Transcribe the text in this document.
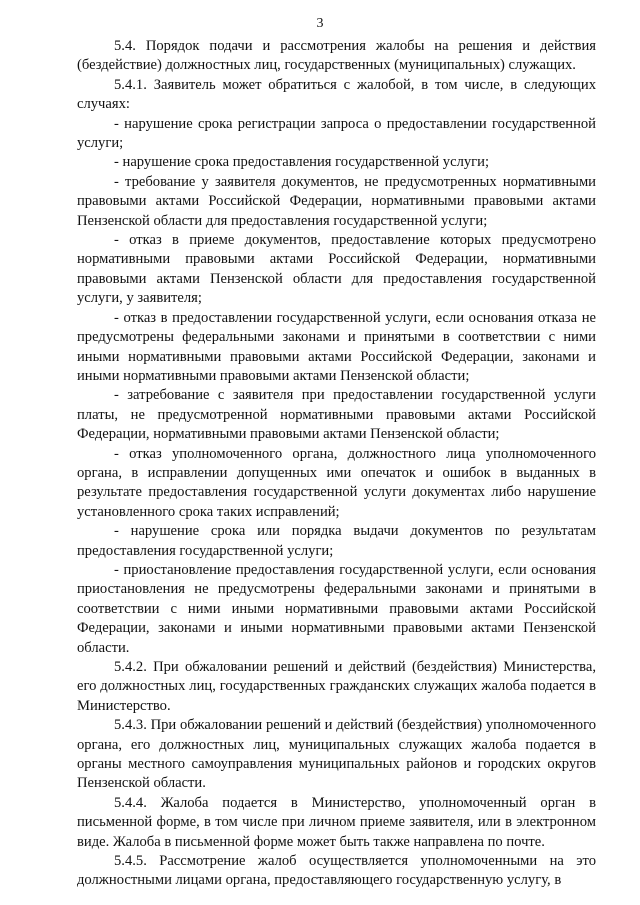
3

5.4. Порядок подачи и рассмотрения жалобы на решения и действия (бездействие) должностных лиц, государственных (муниципальных) служащих.

5.4.1. Заявитель может обратиться с жалобой, в том числе, в следующих случаях:

- нарушение срока регистрации запроса о предоставлении государственной услуги;

- нарушение срока предоставления государственной услуги;

- требование у заявителя документов, не предусмотренных нормативными правовыми актами Российской Федерации, нормативными правовыми актами Пензенской области для предоставления государственной услуги;

- отказ в приеме документов, предоставление которых предусмотрено нормативными правовыми актами Российской Федерации, нормативными правовыми актами Пензенской области для предоставления государственной услуги, у заявителя;

- отказ в предоставлении государственной услуги, если основания отказа не предусмотрены федеральными законами и принятыми в соответствии с ними иными нормативными правовыми актами Российской Федерации, законами и иными нормативными правовыми актами Пензенской области;

- затребование с заявителя при предоставлении государственной услуги платы, не предусмотренной нормативными правовыми актами Российской Федерации, нормативными правовыми актами Пензенской области;

- отказ уполномоченного органа, должностного лица уполномоченного органа, в исправлении допущенных ими опечаток и ошибок в выданных в результате предоставления государственной услуги документах либо нарушение установленного срока таких исправлений;

- нарушение срока или порядка выдачи документов по результатам предоставления государственной услуги;

- приостановление предоставления государственной услуги, если основания приостановления не предусмотрены федеральными законами и принятыми в соответствии с ними иными нормативными правовыми актами Российской Федерации, законами и иными нормативными правовыми актами Пензенской области.

5.4.2. При обжаловании решений и действий (бездействия) Министерства, его должностных лиц, государственных гражданских служащих жалоба подается в Министерство.

5.4.3. При обжаловании решений и действий (бездействия) уполномоченного органа, его должностных лиц, муниципальных служащих жалоба подается в органы местного самоуправления муниципальных районов и городских округов Пензенской области.

5.4.4. Жалоба подается в Министерство, уполномоченный орган в письменной форме, в том числе при личном приеме заявителя, или в электронном виде. Жалоба в письменной форме может быть также направлена по почте.

5.4.5. Рассмотрение жалоб осуществляется уполномоченными на это должностными лицами органа, предоставляющего государственную услугу, в
